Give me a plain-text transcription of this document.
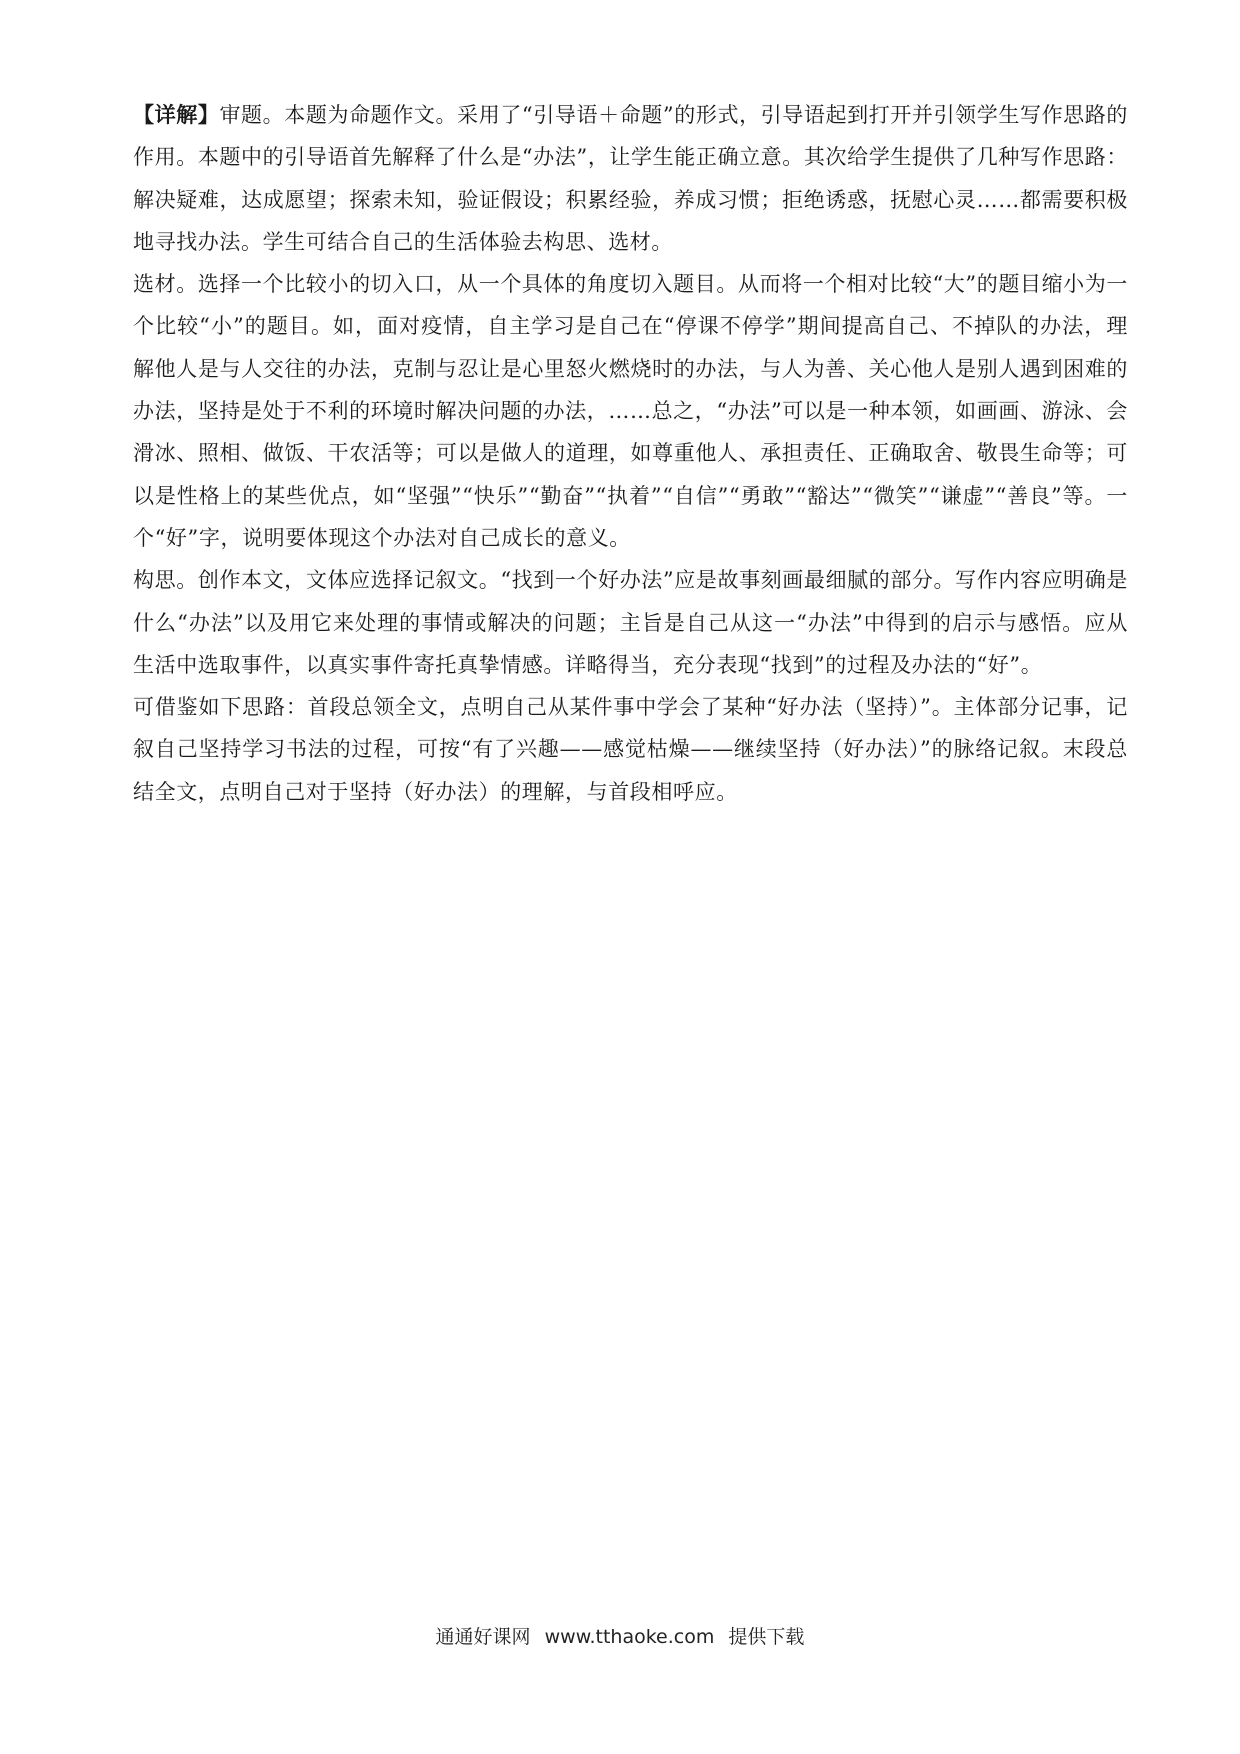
【详解】审题。本题为命题作文。采用了“引导语＋命题”的形式，引导语起到打开并引领学生写作思路的作用。本题中的引导语首先解释了什么是“办法”，让学生能正确立意。其次给学生提供了几种写作思路：解决疑难，达成愿望；探索未知，验证假设；积累经验，养成习惯；拒绝诱惑，抚慰心灵……都需要积极地寻找办法。学生可结合自己的生活体验去构思、选材。

选材。选择一个比较小的切入口，从一个具体的角度切入题目。从而将一个相对比较“大”的题目缩小为一个比较“小”的题目。如，面对疫情，自主学习是自己在“停课不停学”期间提高自己、不掉队的办法，理解他人是与人交往的办法，克制与忍让是心里怒火燃烧时的办法，与人为善、关心他人是别人遇到困难的办法，坚持是处于不利的环境时解决问题的办法，……总之，“办法”可以是一种本领，如画画、游泳、会滑冰、照相、做饭、干农活等；可以是做人的道理，如尊重他人、承担责任、正确取舍、敬畏生命等；可以是性格上的某些优点，如“坚强”“快乐”“勤奋”“执着”“自信”“勇敢”“豁达”“微笑”“谦虚”“善良”等。一个“好”字，说明要体现这个办法对自己成长的意义。

构思。创作本文，文体应选择记叙文。“找到一个好办法”应是故事刻画最细腻的部分。写作内容应明确是什么“办法”以及用它来处理的事情或解决的问题；主旨是自己从这一“办法”中得到的启示与感悟。应从生活中选取事件，以真实事件寄托真挚情感。详略得当，充分表现“找到”的过程及办法的“好”。

可借鉴如下思路：首段总领全文，点明自己从某件事中学会了某种“好办法（坚持）”。主体部分记事，记叙自己坚持学习书法的过程，可按“有了兴趣——感觉枯燥——继续坚持（好办法）”的脉络记叙。末段总结全文，点明自己对于坚持（好办法）的理解，与首段相呼应。

通通好课网 www.tthaoke.com 提供下载
